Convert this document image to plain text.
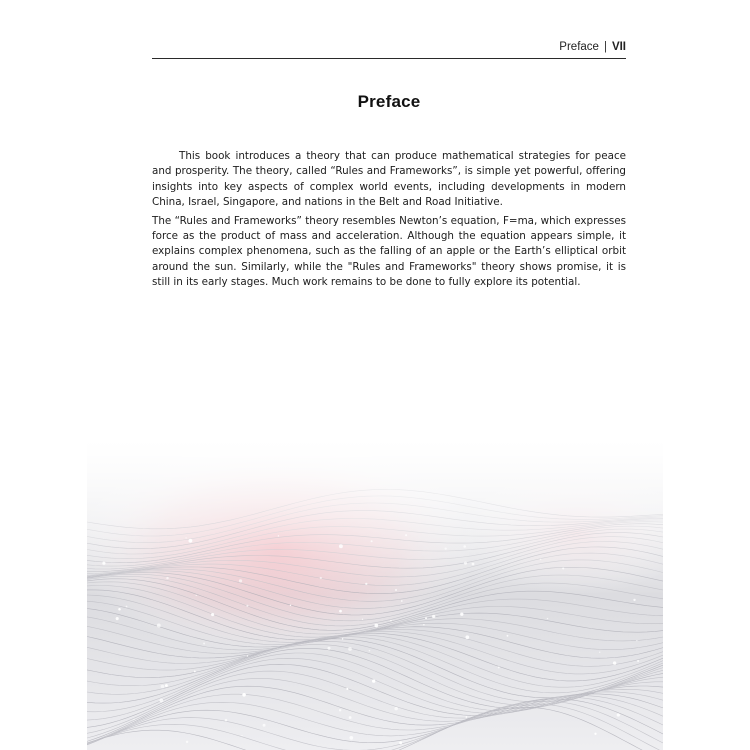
Preface | VII
Preface

This book introduces a theory that can produce mathematical strategies for peace and prosperity. The theory, called “Rules and Frameworks”, is simple yet powerful, offering insights into key aspects of complex world events, including developments in modern China, Israel, Singapore, and nations in the Belt and Road Initiative.

The “Rules and Frameworks” theory resembles Newton’s equation, F=ma, which expresses force as the product of mass and acceleration. Although the equation appears simple, it explains complex phenomena, such as the falling of an apple or the Earth’s elliptical orbit around the sun. Similarly, while the "Rules and Frameworks" theory shows promise, it is still in its early stages. Much work remains to be done to fully explore its potential.
